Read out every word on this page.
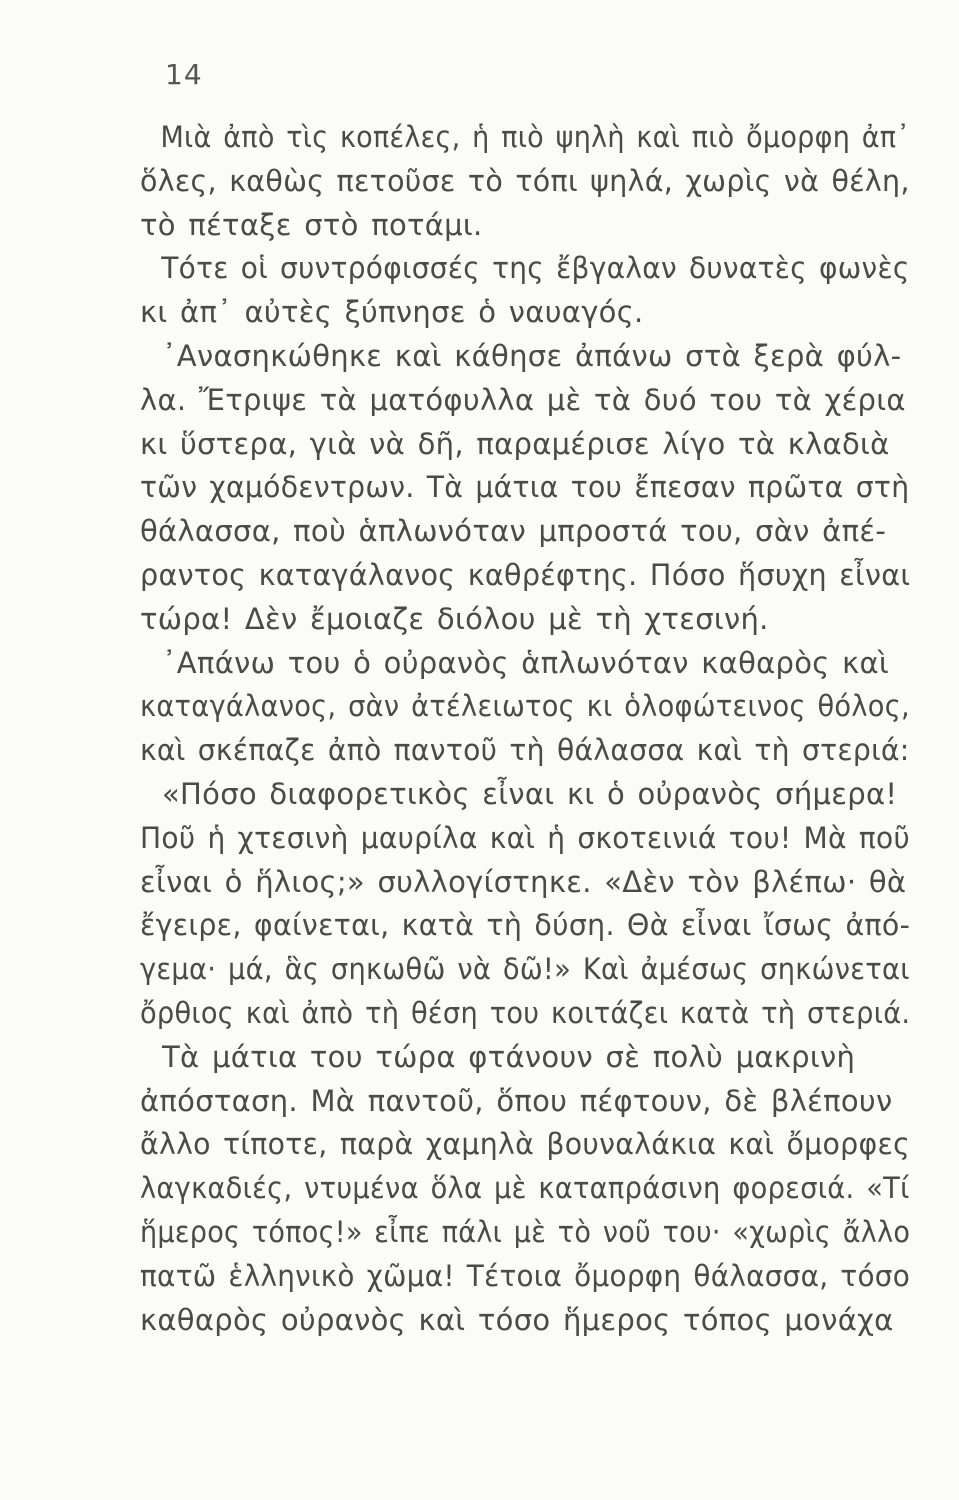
14
Μιὰ ἀπὸ τὶς κοπέλες, ἡ πιὸ ψηλὴ καὶ πιὸ ὄμορφη ἀπ᾽
ὅλες, καθὼς πετοῦσε τὸ τόπι ψηλά, χωρὶς νὰ θέλη,
τὸ πέταξε στὸ ποτάμι.
Τότε οἱ συντρόφισσές της ἔβγαλαν δυνατὲς φωνὲς
κι ἀπ᾽ αὐτὲς ξύπνησε ὁ ναυαγός.
᾿Ανασηκώθηκε καὶ κάθησε ἀπάνω στὰ ξερὰ φύλ-
λα. Ἔτριψε τὰ ματόφυλλα μὲ τὰ δυό του τὰ χέρια
κι ὕστερα, γιὰ νὰ δῆ, παραμέρισε λίγο τὰ κλαδιὰ
τῶν χαμόδεντρων. Τὰ μάτια του ἔπεσαν πρῶτα στὴ
θάλασσα, ποὺ ἁπλωνόταν μπροστά του, σὰν ἀπέ-
ραντος καταγάλανος καθρέφτης. Πόσο ἥσυχη εἶναι
τώρα! Δὲν ἔμοιαζε διόλου μὲ τὴ χτεσινή.
᾿Απάνω του ὁ οὐρανὸς ἁπλωνόταν καθαρὸς καὶ
καταγάλανος, σὰν ἀτέλειωτος κι ὁλοφώτεινος θόλος,
καὶ σκέπαζε ἀπὸ παντοῦ τὴ θάλασσα καὶ τὴ στεριά:
«Πόσο διαφορετικὸς εἶναι κι ὁ οὐρανὸς σήμερα!
Ποῦ ἡ χτεσινὴ μαυρίλα καὶ ἡ σκοτεινιά του! Μὰ ποῦ
εἶναι ὁ ἥλιος;» συλλογίστηκε. «Δὲν τὸν βλέπω· θὰ
ἔγειρε, φαίνεται, κατὰ τὴ δύση. Θὰ εἶναι ἴσως ἀπό-
γεμα· μά, ἃς σηκωθῶ νὰ δῶ!» Καὶ ἀμέσως σηκώνεται
ὄρθιος καὶ ἀπὸ τὴ θέση του κοιτάζει κατὰ τὴ στεριά.
Τὰ μάτια του τώρα φτάνουν σὲ πολὺ μακρινὴ
ἀπόσταση. Μὰ παντοῦ, ὅπου πέφτουν, δὲ βλέπουν
ἄλλο τίποτε, παρὰ χαμηλὰ βουναλάκια καὶ ὄμορφες
λαγκαδιές, ντυμένα ὅλα μὲ καταπράσινη φορεσιά. «Τί
ἥμερος τόπος!» εἶπε πάλι μὲ τὸ νοῦ του· «χωρὶς ἄλλο
πατῶ ἑλληνικὸ χῶμα! Τέτοια ὄμορφη θάλασσα, τόσο
καθαρὸς οὐρανὸς καὶ τόσο ἥμερος τόπος μονάχα
